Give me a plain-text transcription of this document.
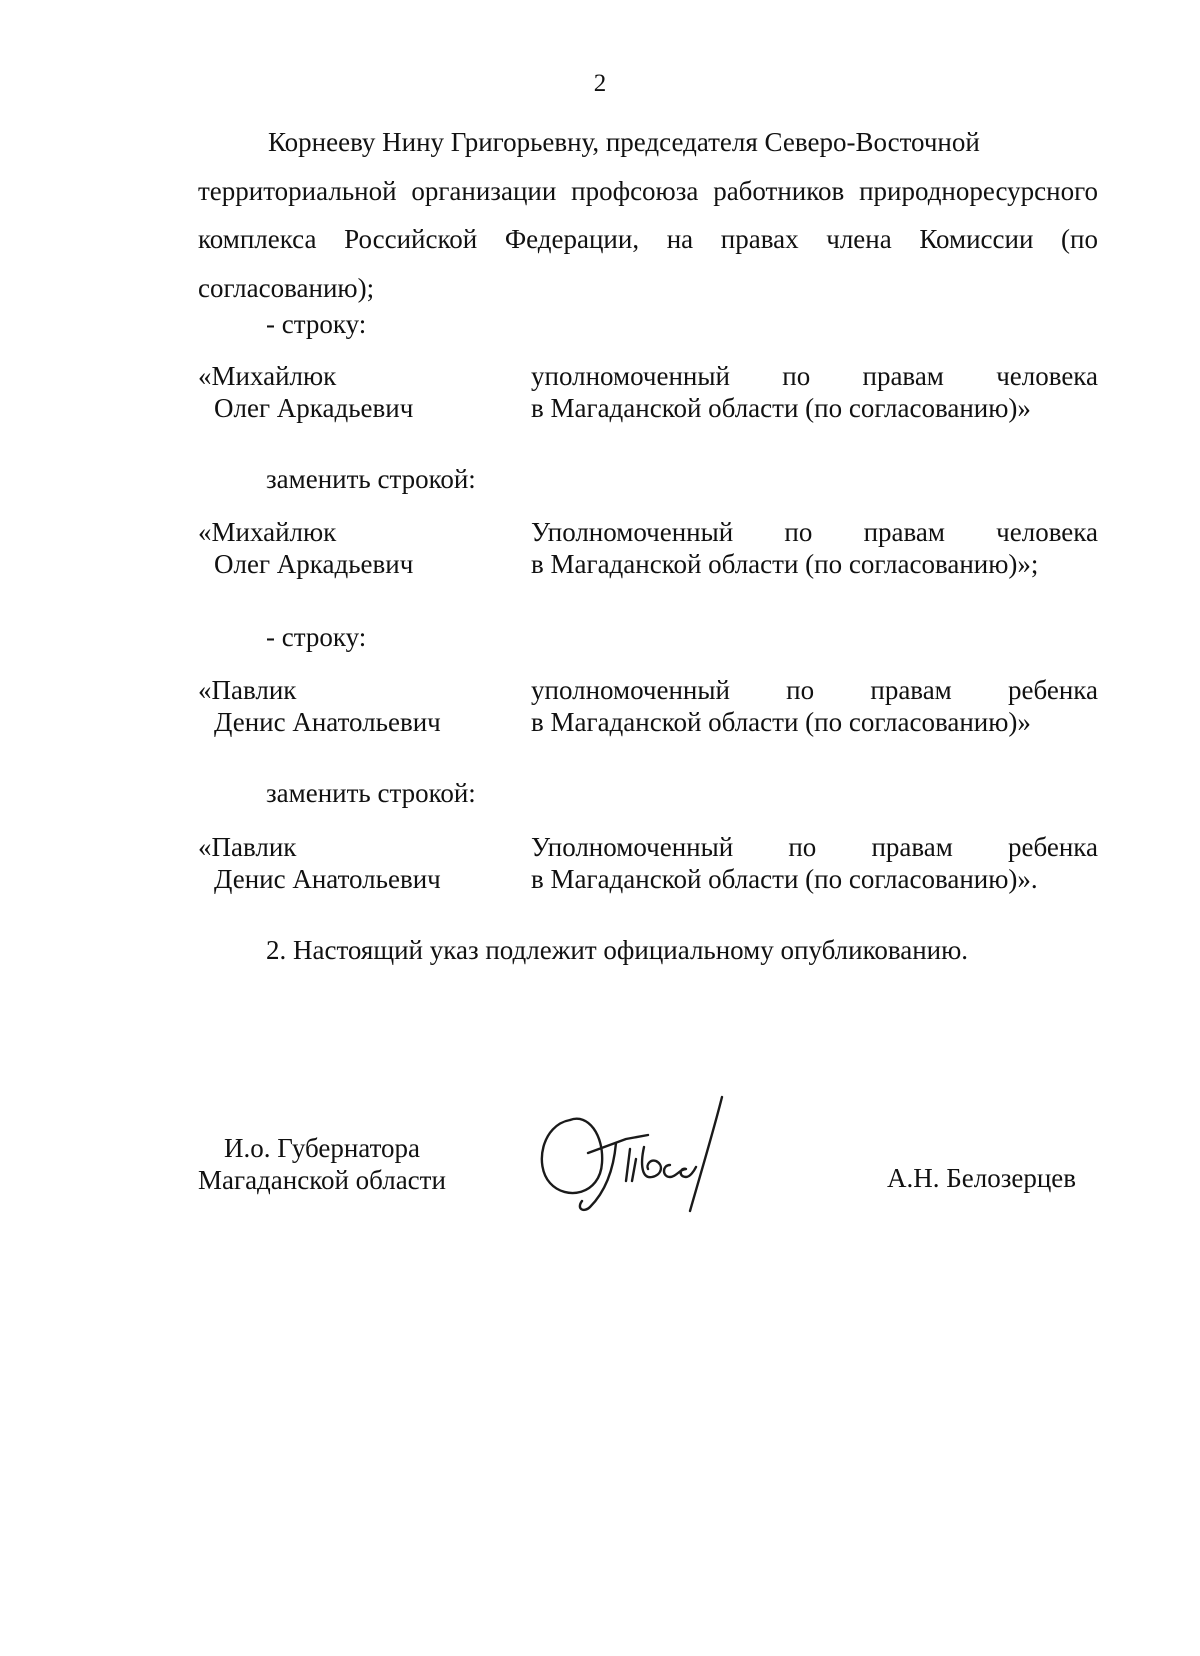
2
Корнееву Нину Григорьевну, председателя Северо-Восточной
территориальной организации профсоюза работников природноресурсного комплекса Российской Федерации, на правах члена Комиссии (по согласованию);
- строку:
«Михайлюк
Олег Аркадьевич
уполномоченный по правам человека
в Магаданской области (по согласованию)»
заменить строкой:
«Михайлюк
Олег Аркадьевич
Уполномоченный по правам человека
в Магаданской области (по согласованию)»;
- строку:
«Павлик
Денис Анатольевич
уполномоченный по правам ребенка
в Магаданской области (по согласованию)»
заменить строкой:
«Павлик
Денис Анатольевич
Уполномоченный по правам ребенка
в Магаданской области (по согласованию)».
2. Настоящий указ подлежит официальному опубликованию.
И.о. Губернатора
Магаданской области	А.Н. Белозерцев
